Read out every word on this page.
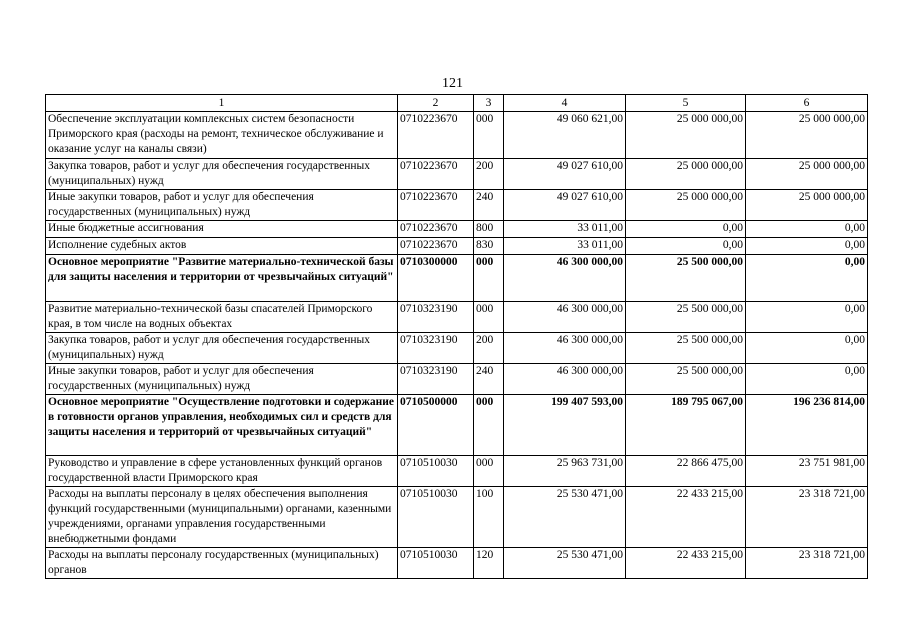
121
1	2	3	4	5	6
Обеспечение эксплуатации комплексных систем безопасности Приморского края (расходы на ремонт, техническое обслуживание и оказание услуг на каналы связи)	0710223670	000	49 060 621,00	25 000 000,00	25 000 000,00
Закупка товаров, работ и услуг для обеспечения государственных (муниципальных) нужд	0710223670	200	49 027 610,00	25 000 000,00	25 000 000,00
Иные закупки товаров, работ и услуг для обеспечения государственных (муниципальных) нужд	0710223670	240	49 027 610,00	25 000 000,00	25 000 000,00
Иные бюджетные ассигнования	0710223670	800	33 011,00	0,00	0,00
Исполнение судебных актов	0710223670	830	33 011,00	0,00	0,00
Основное мероприятие "Развитие материально-технической базы для защиты населения и территории от чрезвычайных ситуаций"	0710300000	000	46 300 000,00	25 500 000,00	0,00
Развитие материально-технической базы спасателей Приморского края, в том числе на водных объектах	0710323190	000	46 300 000,00	25 500 000,00	0,00
Закупка товаров, работ и услуг для обеспечения государственных (муниципальных) нужд	0710323190	200	46 300 000,00	25 500 000,00	0,00
Иные закупки товаров, работ и услуг для обеспечения государственных (муниципальных) нужд	0710323190	240	46 300 000,00	25 500 000,00	0,00
Основное мероприятие "Осуществление подготовки и содержание в готовности органов управления, необходимых сил и средств для защиты населения и территорий от чрезвычайных ситуаций"	0710500000	000	199 407 593,00	189 795 067,00	196 236 814,00
Руководство и управление в сфере установленных функций органов государственной власти Приморского края	0710510030	000	25 963 731,00	22 866 475,00	23 751 981,00
Расходы на выплаты персоналу в целях обеспечения выполнения функций государственными (муниципальными) органами, казенными учреждениями, органами управления государственными внебюджетными фондами	0710510030	100	25 530 471,00	22 433 215,00	23 318 721,00
Расходы на выплаты персоналу государственных (муниципальных) органов	0710510030	120	25 530 471,00	22 433 215,00	23 318 721,00
